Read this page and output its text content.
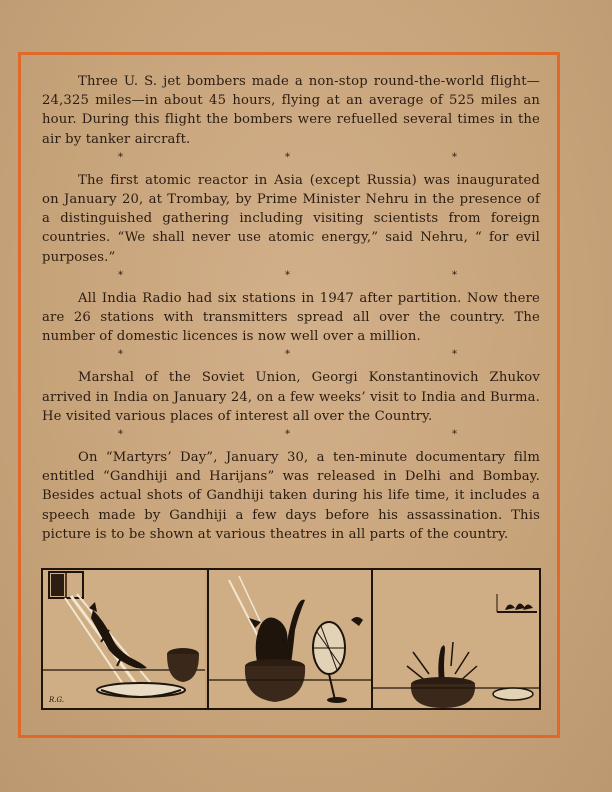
Three U. S. jet bombers made a non-stop round-the-world flight—24,325 miles—in about 45 hours, flying at an average of 525 miles an hour. During this flight the bombers were refuelled several times in the air by tanker aircraft.

*	*	*

The first atomic reactor in Asia (except Russia) was inaugurated on January 20, at Trombay, by Prime Minister Nehru in the presence of a distinguished gathering including visiting scientists from foreign countries. “We shall never use atomic energy,” said Nehru, “ for evil purposes.”

*	*	*

All India Radio had six stations in 1947 after partition. Now there are 26 stations with transmitters spread all over the country. The number of domestic licences is now well over a million.

*	*	*

Marshal of the Soviet Union, Georgi Konstantinovich Zhukov arrived in India on January 24, on a few weeks’ visit to India and Burma. He visited various places of interest all over the Country.

*	*	*

On “Martyrs’ Day”, January 30, a ten-minute documentary film entitled “Gandhiji and Harijans” was released in Delhi and Bombay. Besides actual shots of Gandhiji taken during his life time, it includes a speech made by Gandhiji a few days before his assassination. This picture is to be shown at various theatres in all parts of the country.

R.G.
